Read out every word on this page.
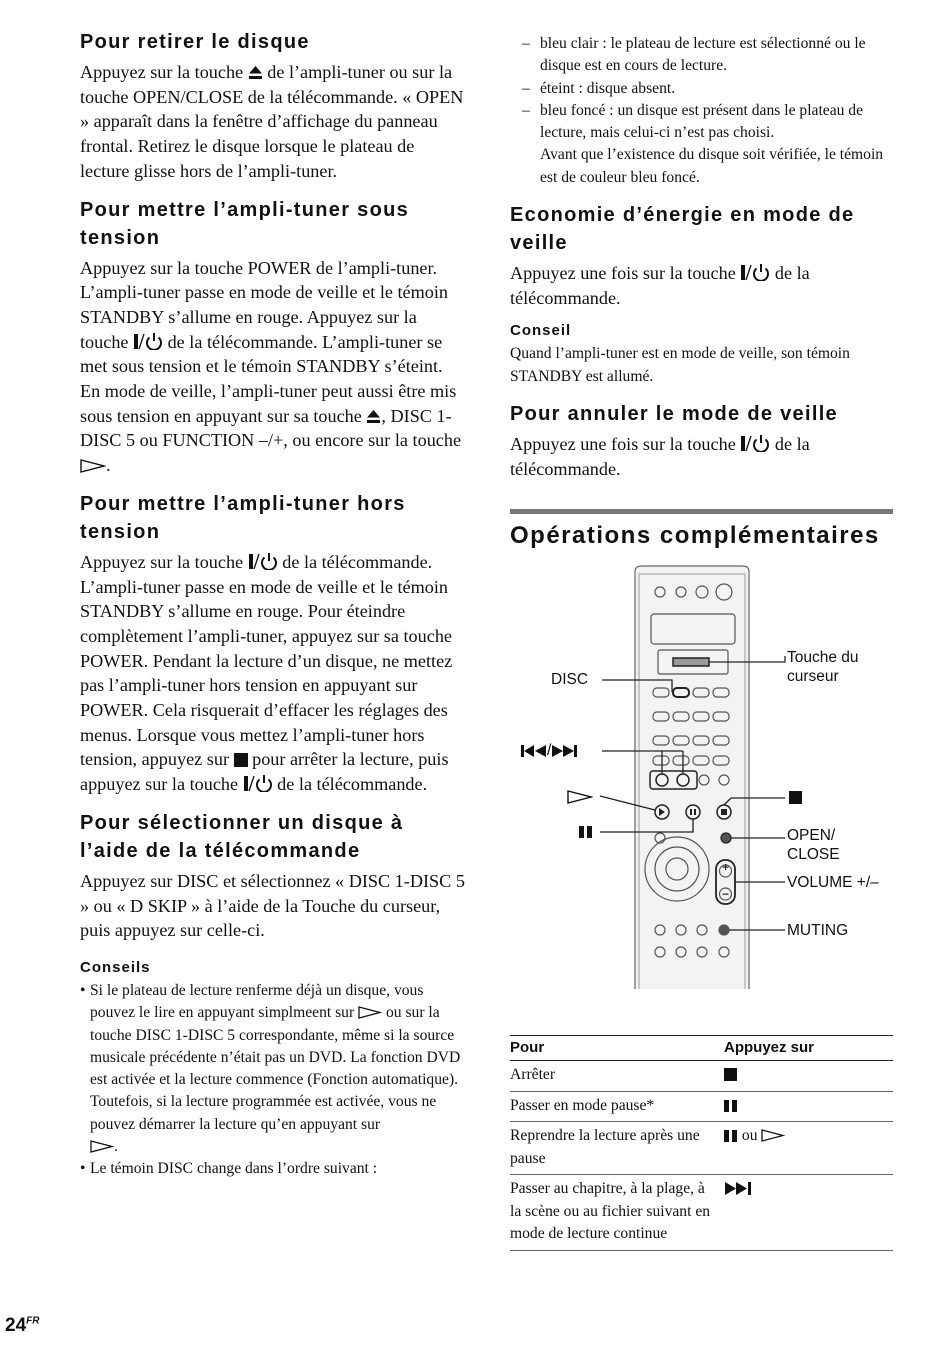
Pour retirer le disque

Appuyez sur la touche de l’ampli-tuner ou sur la touche OPEN/CLOSE de la télécommande. « OPEN » apparaît dans la fenêtre d’affichage du panneau frontal. Retirez le disque lorsque le plateau de lecture glisse hors de l’ampli-tuner.

Pour mettre l’ampli-tuner sous tension

Appuyez sur la touche POWER de l’ampli-tuner. L’ampli-tuner passe en mode de veille et le témoin STANDBY s’allume en rouge. Appuyez sur la touche de la télécommande. L’ampli-tuner se met sous tension et le témoin STANDBY s’éteint. En mode de veille, l’ampli-tuner peut aussi être mis sous tension en appuyant sur sa touche , DISC 1-DISC 5 ou FUNCTION –/+, ou encore sur la touche .

Pour mettre l’ampli-tuner hors tension

Appuyez sur la touche de la télécommande. L’ampli-tuner passe en mode de veille et le témoin STANDBY s’allume en rouge. Pour éteindre complètement l’ampli-tuner, appuyez sur sa touche POWER. Pendant la lecture d’un disque, ne mettez pas l’ampli-tuner hors tension en appuyant sur POWER. Cela risquerait d’effacer les réglages des menus. Lorsque vous mettez l’ampli-tuner hors tension, appuyez sur pour arrêter la lecture, puis appuyez sur la touche de la télécommande.

Pour sélectionner un disque à l’aide de la télécommande

Appuyez sur DISC et sélectionnez « DISC 1-DISC 5 » ou « D SKIP » à l’aide de la Touche du curseur, puis appuyez sur celle-ci.

Conseils
• Si le plateau de lecture renferme déjà un disque, vous pouvez le lire en appuyant simplmeent sur ou sur la touche DISC 1-DISC 5 correspondante, même si la source musicale précédente n’était pas un DVD. La fonction DVD est activée et la lecture commence (Fonction automatique).
Toutefois, si la lecture programmée est activée, vous ne pouvez démarrer la lecture qu’en appuyant sur
.
• Le témoin DISC change dans l’ordre suivant :
– bleu clair : le plateau de lecture est sélectionné ou le disque est en cours de lecture.
– éteint : disque absent.
– bleu foncé : un disque est présent dans le plateau de lecture, mais celui-ci n’est pas choisi.
Avant que l’existence du disque soit vérifiée, le témoin est de couleur bleu foncé.
Economie d’énergie en mode de veille

Appuyez une fois sur la touche de la télécommande.

Conseil
Quand l’ampli-tuner est en mode de veille, son témoin STANDBY est allumé.
Pour annuler le mode de veille

Appuyez une fois sur la touche de la télécommande.

Opérations complémentaires
DISC
Touche du
curseur
/
OPEN/
CLOSE
VOLUME +/–
MUTING
Pour	Appuyez sur
Arrêter	
Passer en mode pause*	
Reprendre la lecture après une pause	ou
Passer au chapitre, à la plage, à la scène ou au fichier suivant en mode de lecture continue	
$24^{FR}$
